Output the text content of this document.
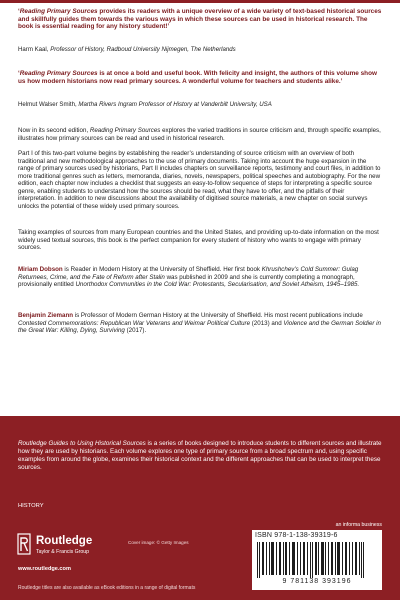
‘Reading Primary Sources provides its readers with a unique overview of a wide variety of text-based historical sources and skillfully guides them towards the various ways in which these sources can be used in historical research. The book is essential reading for any history student!’
Harm Kaal, Professor of History, Radboud University Nijmegen, The Netherlands
‘Reading Primary Sources is at once a bold and useful book. With felicity and insight, the authors of this volume show us how modern historians now read primary sources. A wonderful volume for teachers and students alike.’
Helmut Walser Smith, Martha Rivers Ingram Professor of History at Vanderbilt University, USA
Now in its second edition, Reading Primary Sources explores the varied traditions in source criticism and, through specific examples, illustrates how primary sources can be read and used in historical research.
Part I of this two-part volume begins by establishing the reader’s understanding of source criticism with an overview of both traditional and new methodological approaches to the use of primary documents. Taking into account the huge expansion in the range of primary sources used by historians, Part II includes chapters on surveillance reports, testimony and court files, in addition to more traditional genres such as letters, memoranda, diaries, novels, newspapers, political speeches and autobiography. For the new edition, each chapter now includes a checklist that suggests an easy-to-follow sequence of steps for interpreting a specific source genre, enabling students to understand how the sources should be read, what they have to offer, and the pitfalls of their interpretation. In addition to new discussions about the availability of digitised source materials, a new chapter on social surveys unlocks the potential of these widely used primary sources.
Taking examples of sources from many European countries and the United States, and providing up-to-date information on the most widely used textual sources, this book is the perfect companion for every student of history who wants to engage with primary sources.
Miriam Dobson is Reader in Modern History at the University of Sheffield. Her first book Khrushchev’s Cold Summer: Gulag Returnees, Crime, and the Fate of Reform after Stalin was published in 2009 and she is currently completing a monograph, provisionally entitled Unorthodox Communities in the Cold War: Protestants, Secularisation, and Soviet Atheism, 1945–1985.
Benjamin Ziemann is Professor of Modern German History at the University of Sheffield. His most recent publications include Contested Commemorations: Republican War Veterans and Weimar Political Culture (2013) and Violence and the German Soldier in the Great War: Killing, Dying, Surviving (2017).
Routledge Guides to Using Historical Sources is a series of books designed to introduce students to different sources and illustrate how they are used by historians. Each volume explores one type of primary source from a broad spectrum and, using specific examples from around the globe, examines their historical context and the different approaches that can be used to interpret these sources.
HISTORY
an informa business
Routledge
Taylor & Francis Group
Cover image: © Getty Images
www.routledge.com
Routledge titles are also available as eBook editions in a range of digital formats
ISBN 978-1-138-39319-6
9 781138 393196
